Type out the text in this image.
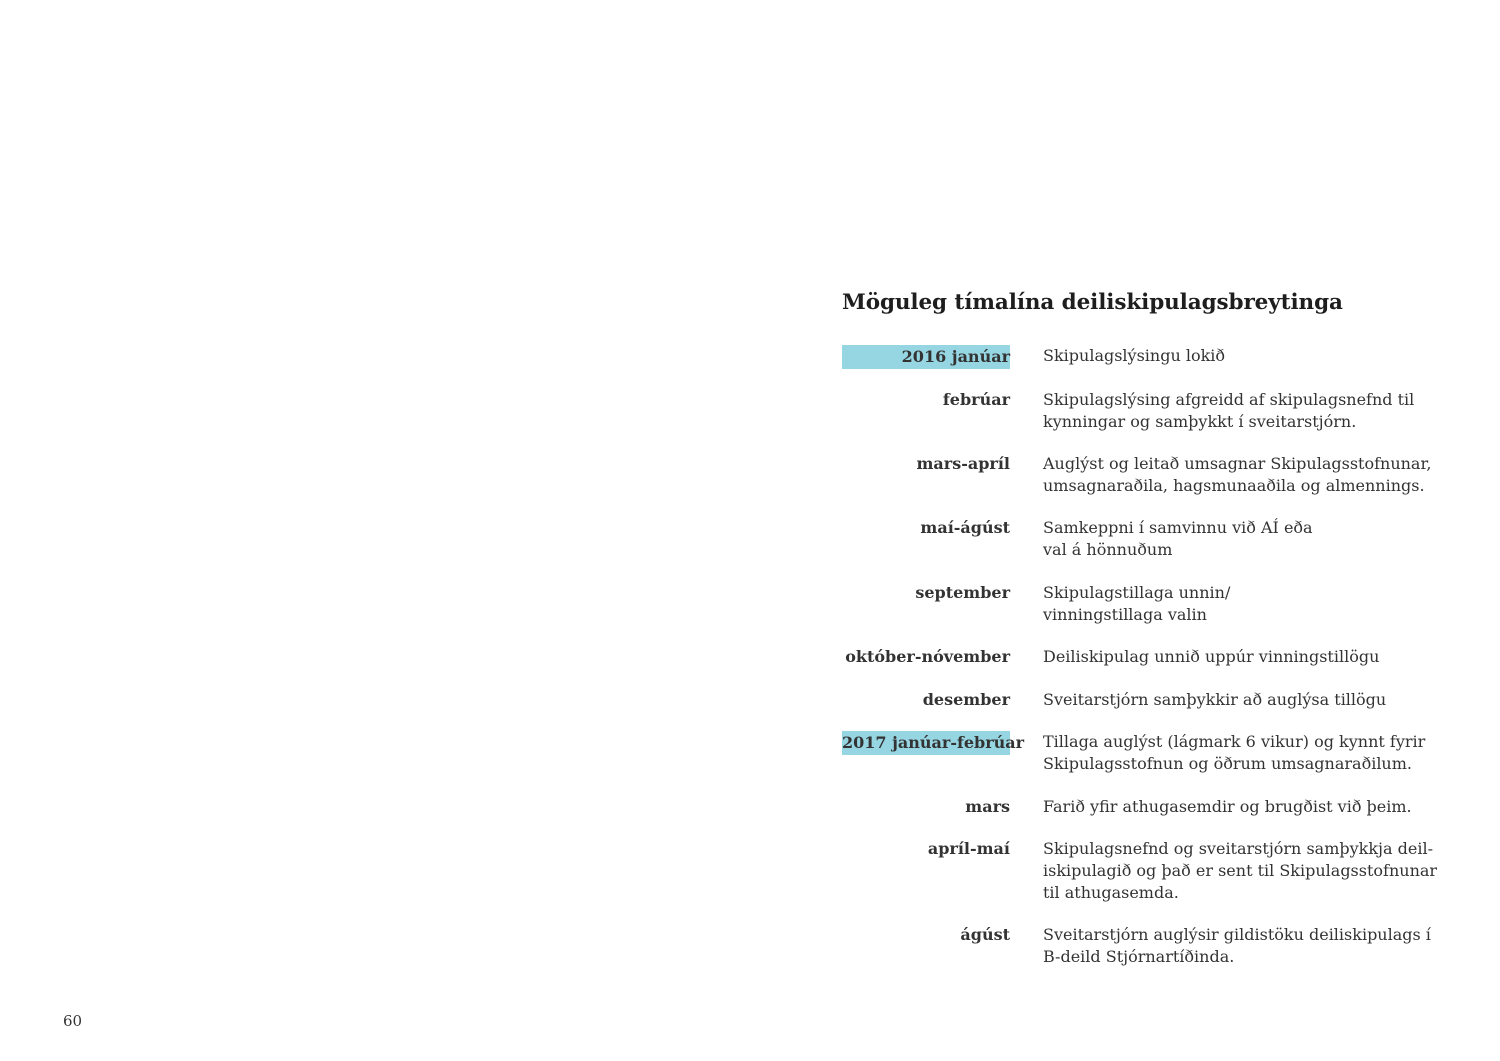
Möguleg tímalína deiliskipulagsbreytinga
2016 janúar Skipulagslýsingu lokið
febrúar Skipulagslýsing afgreidd af skipulagsnefnd til
kynningar og samþykkt í sveitarstjórn.
mars-apríl Auglýst og leitað umsagnar Skipulagsstofnunar,
umsagnaraðila, hagsmunaaðila og almennings.
maí-ágúst Samkeppni í samvinnu við AÍ eða
val á hönnuðum
september Skipulagstillaga unnin/
vinningstillaga valin
október-nóvember Deiliskipulag unnið uppúr vinningstillögu
desember Sveitarstjórn samþykkir að auglýsa tillögu
2017 janúar-febrúar Tillaga auglýst (lágmark 6 vikur) og kynnt fyrir
Skipulagsstofnun og öðrum umsagnaraðilum.
mars Farið yfir athugasemdir og brugðist við þeim.
apríl-maí Skipulagsnefnd og sveitarstjórn samþykkja deil-
iskipulagið og það er sent til Skipulagsstofnunar
til athugasemda.
ágúst Sveitarstjórn auglýsir gildistöku deiliskipulags í
B-deild Stjórnartíðinda.
60
